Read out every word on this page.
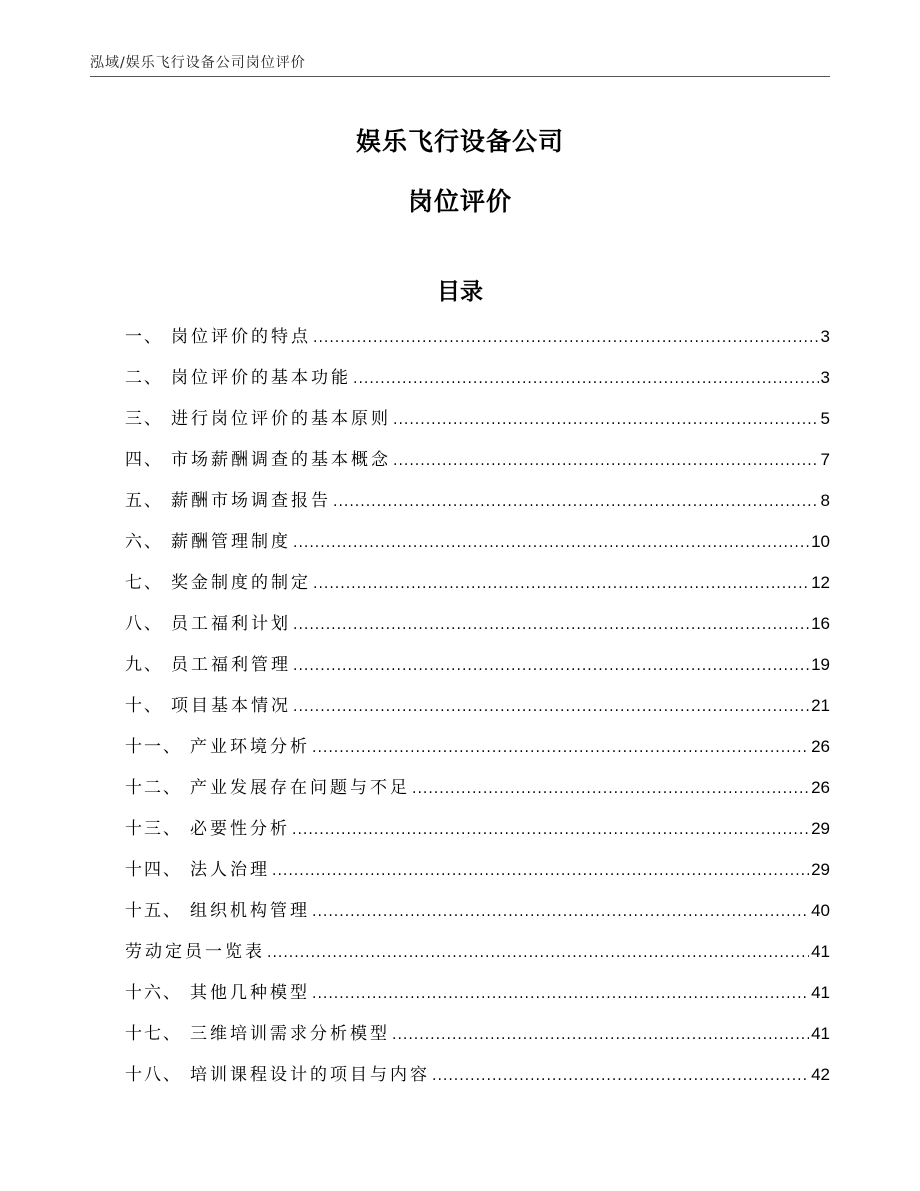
泓域/娱乐飞行设备公司岗位评价
娱乐飞行设备公司
岗位评价
目录
一、 岗位评价的特点 .....	3
二、 岗位评价的基本功能 .....	3
三、 进行岗位评价的基本原则 .....	5
四、 市场薪酬调查的基本概念 .....	7
五、 薪酬市场调查报告 .....	8
六、 薪酬管理制度 .....	10
七、 奖金制度的制定 .....	12
八、 员工福利计划 .....	16
九、 员工福利管理 .....	19
十、 项目基本情况 .....	21
十一、 产业环境分析 .....	26
十二、 产业发展存在问题与不足 .....	26
十三、 必要性分析 .....	29
十四、 法人治理 .....	29
十五、 组织机构管理 .....	40
劳动定员一览表 .....	41
十六、 其他几种模型 .....	41
十七、 三维培训需求分析模型 .....	41
十八、 培训课程设计的项目与内容 .....	42
